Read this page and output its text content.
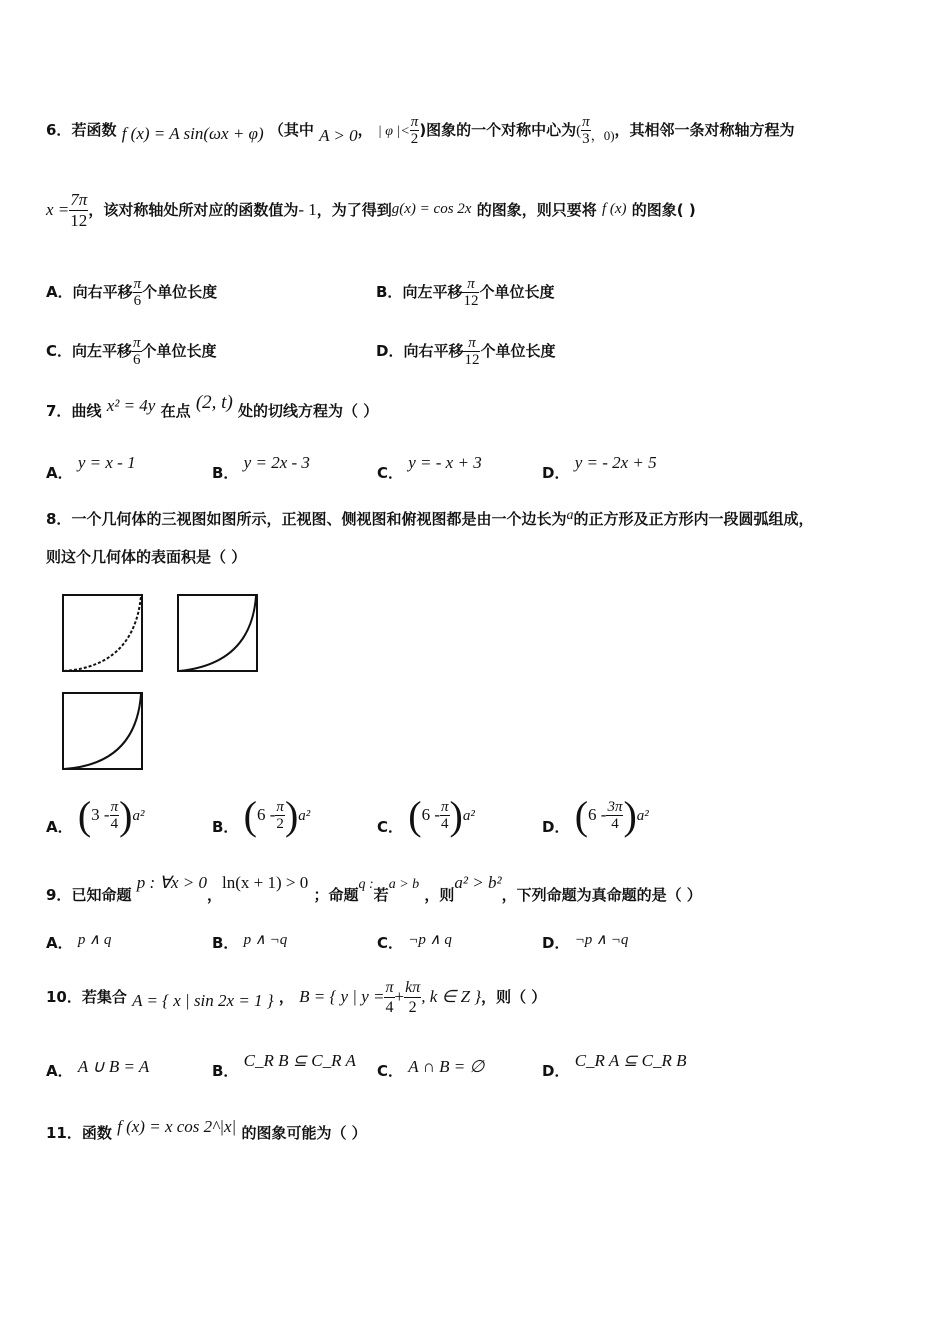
6．若函数 f (x) = A sin(ωx + φ) （其中 A > 0， | φ |< $\frac{\pi}{2}$ )图象的一个对称中心为( $\frac{\pi}{3}$ ，0)，其相邻一条对称轴方程为
$x = \frac{7\pi}{12}$ ，该对称轴处所对应的函数值为- 1，为了得到g(x) = cos 2x 的图象，则只要将 f (x) 的图象( )
A．向右平移 $\frac{\pi}{6}$ 个单位长度	B．向左平移 $\frac{\pi}{12}$ 个单位长度
C．向左平移 $\frac{\pi}{6}$ 个单位长度	D．向右平移 $\frac{\pi}{12}$ 个单位长度
7．曲线 x² = 4y 在点 (2, t) 处的切线方程为（ ）
A． y = x - 1
B． y = 2x - 3
C． y = - x + 3
D． y = - 2x + 5
8．一个几何体的三视图如图所示，正视图、侧视图和俯视图都是由一个边长为a的正方形及正方形内一段圆弧组成，
则这个几何体的表面积是（ ）
A． $(3 - \frac{\pi}{4} )a^2$
B． $(6 - \frac{\pi}{2} )a^2$
C． $(6 - \frac{\pi}{4} )a^2$
D． $(6 - \frac{3\pi}{4} )a^2$
9．已知命题 p : ∀x > 0，ln(x + 1) > 0 ；命题q :若a > b ，则a² > b²，下列命题为真命题的是（ ）
A． p ∧ q	B． p ∧ ¬q	C． ¬p ∧ q	D． ¬p ∧ ¬q
10．若集合 A = { x | sin 2x = 1 } ， B = { y | $y = \frac{\pi}{4} + \frac{k\pi}{2}$ , k ∈ Z }，则（ ）
A． A ∪ B = A	B． C_R B ⊆ C_R A
C． A ∩ B = ∅	D． C_R A ⊆ C_R B
11．函数 f (x) = x cos 2^|x| 的图象可能为（ ）
